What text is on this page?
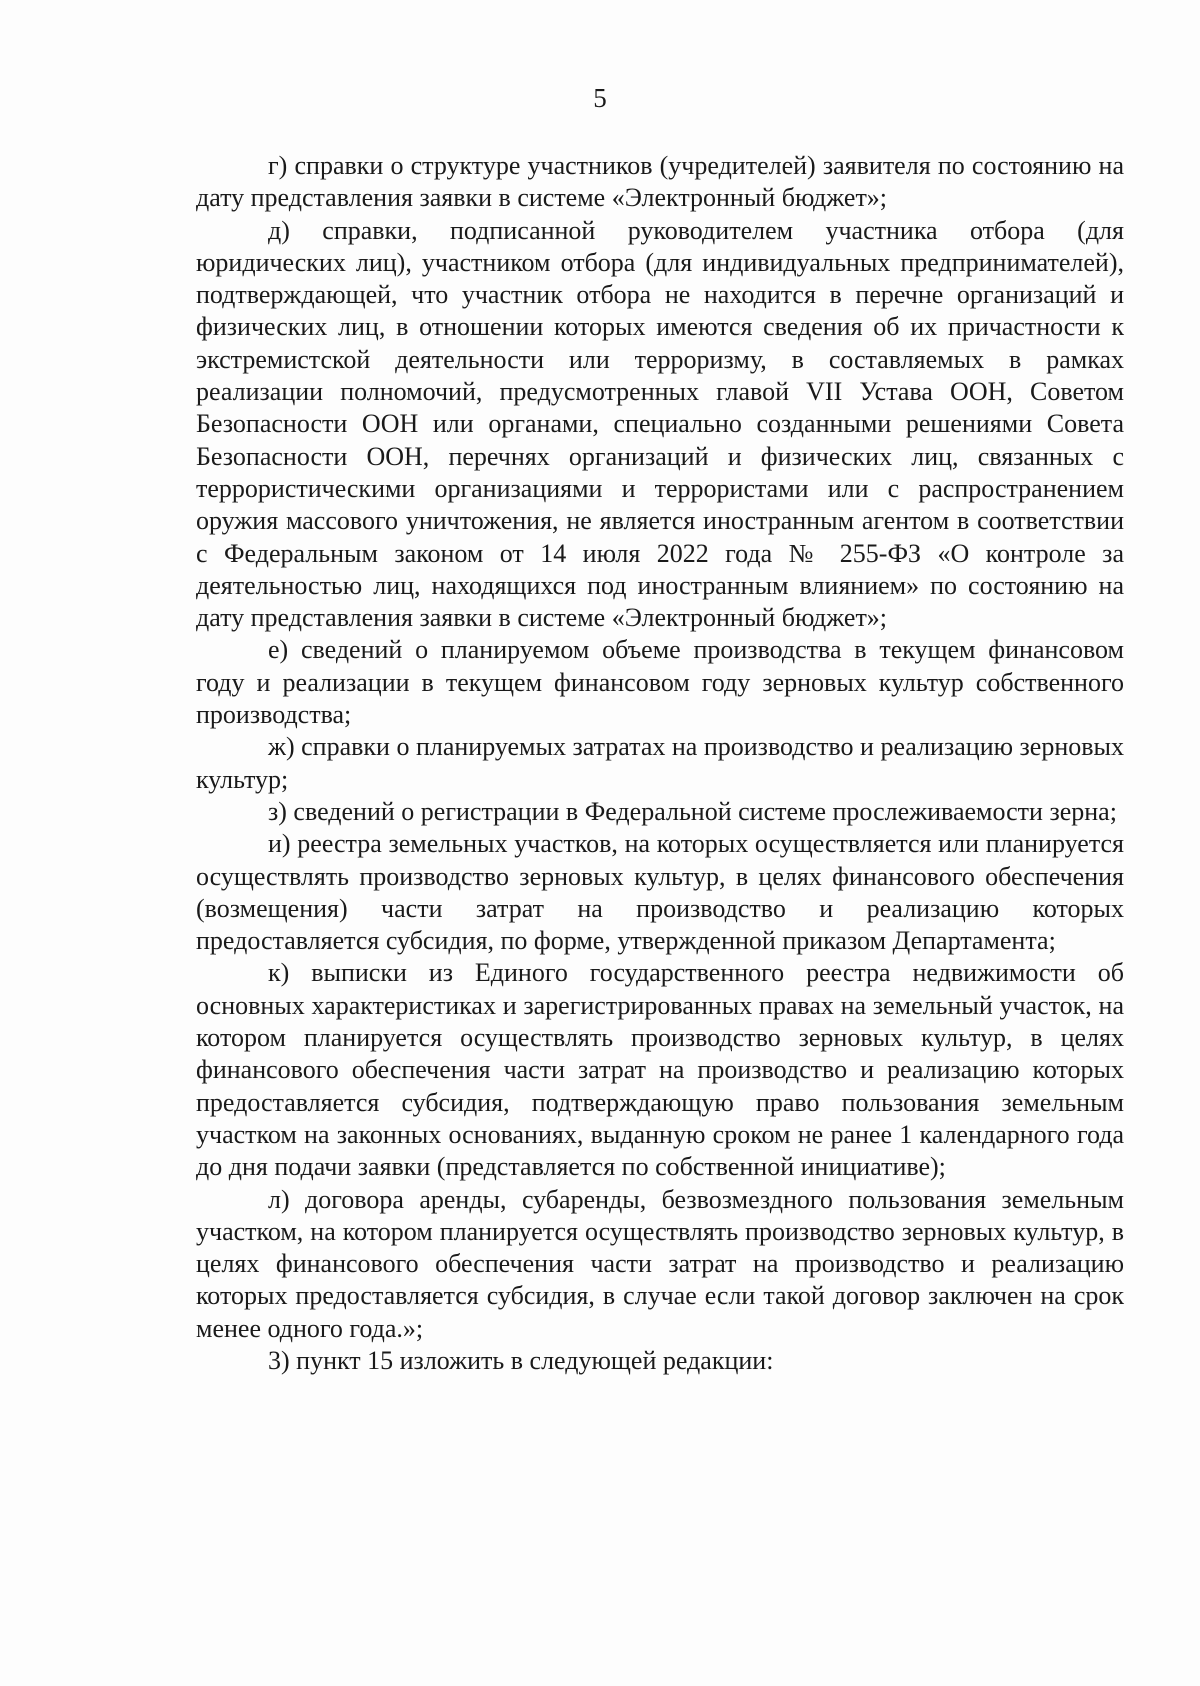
5

г) справки о структуре участников (учредителей) заявителя по состоянию на дату представления заявки в системе «Электронный бюджет»;

д) справки, подписанной руководителем участника отбора (для юридических лиц), участником отбора (для индивидуальных предпринимателей), подтверждающей, что участник отбора не находится в перечне организаций и физических лиц, в отношении которых имеются сведения об их причастности к экстремистской деятельности или терроризму, в составляемых в рамках реализации полномочий, предусмотренных главой VII Устава ООН, Советом Безопасности ООН или органами, специально созданными решениями Совета Безопасности ООН, перечнях организаций и физических лиц, связанных с террористическими организациями и террористами или с распространением оружия массового уничтожения, не является иностранным агентом в соответствии с Федеральным законом от 14 июля 2022 года № 255-ФЗ «О контроле за деятельностью лиц, находящихся под иностранным влиянием» по состоянию на дату представления заявки в системе «Электронный бюджет»;

е) сведений о планируемом объеме производства в текущем финансовом году и реализации в текущем финансовом году зерновых культур собственного производства;

ж) справки о планируемых затратах на производство и реализацию зерновых культур;

з) сведений о регистрации в Федеральной системе прослеживаемости зерна;

и) реестра земельных участков, на которых осуществляется или планируется осуществлять производство зерновых культур, в целях финансового обеспечения (возмещения) части затрат на производство и реализацию которых предоставляется субсидия, по форме, утвержденной приказом Департамента;

к) выписки из Единого государственного реестра недвижимости об основных характеристиках и зарегистрированных правах на земельный участок, на котором планируется осуществлять производство зерновых культур, в целях финансового обеспечения части затрат на производство и реализацию которых предоставляется субсидия, подтверждающую право пользования земельным участком на законных основаниях, выданную сроком не ранее 1 календарного года до дня подачи заявки (представляется по собственной инициативе);

л) договора аренды, субаренды, безвозмездного пользования земельным участком, на котором планируется осуществлять производство зерновых культур, в целях финансового обеспечения части затрат на производство и реализацию которых предоставляется субсидия, в случае если такой договор заключен на срок менее одного года.»;

3) пункт 15 изложить в следующей редакции:
